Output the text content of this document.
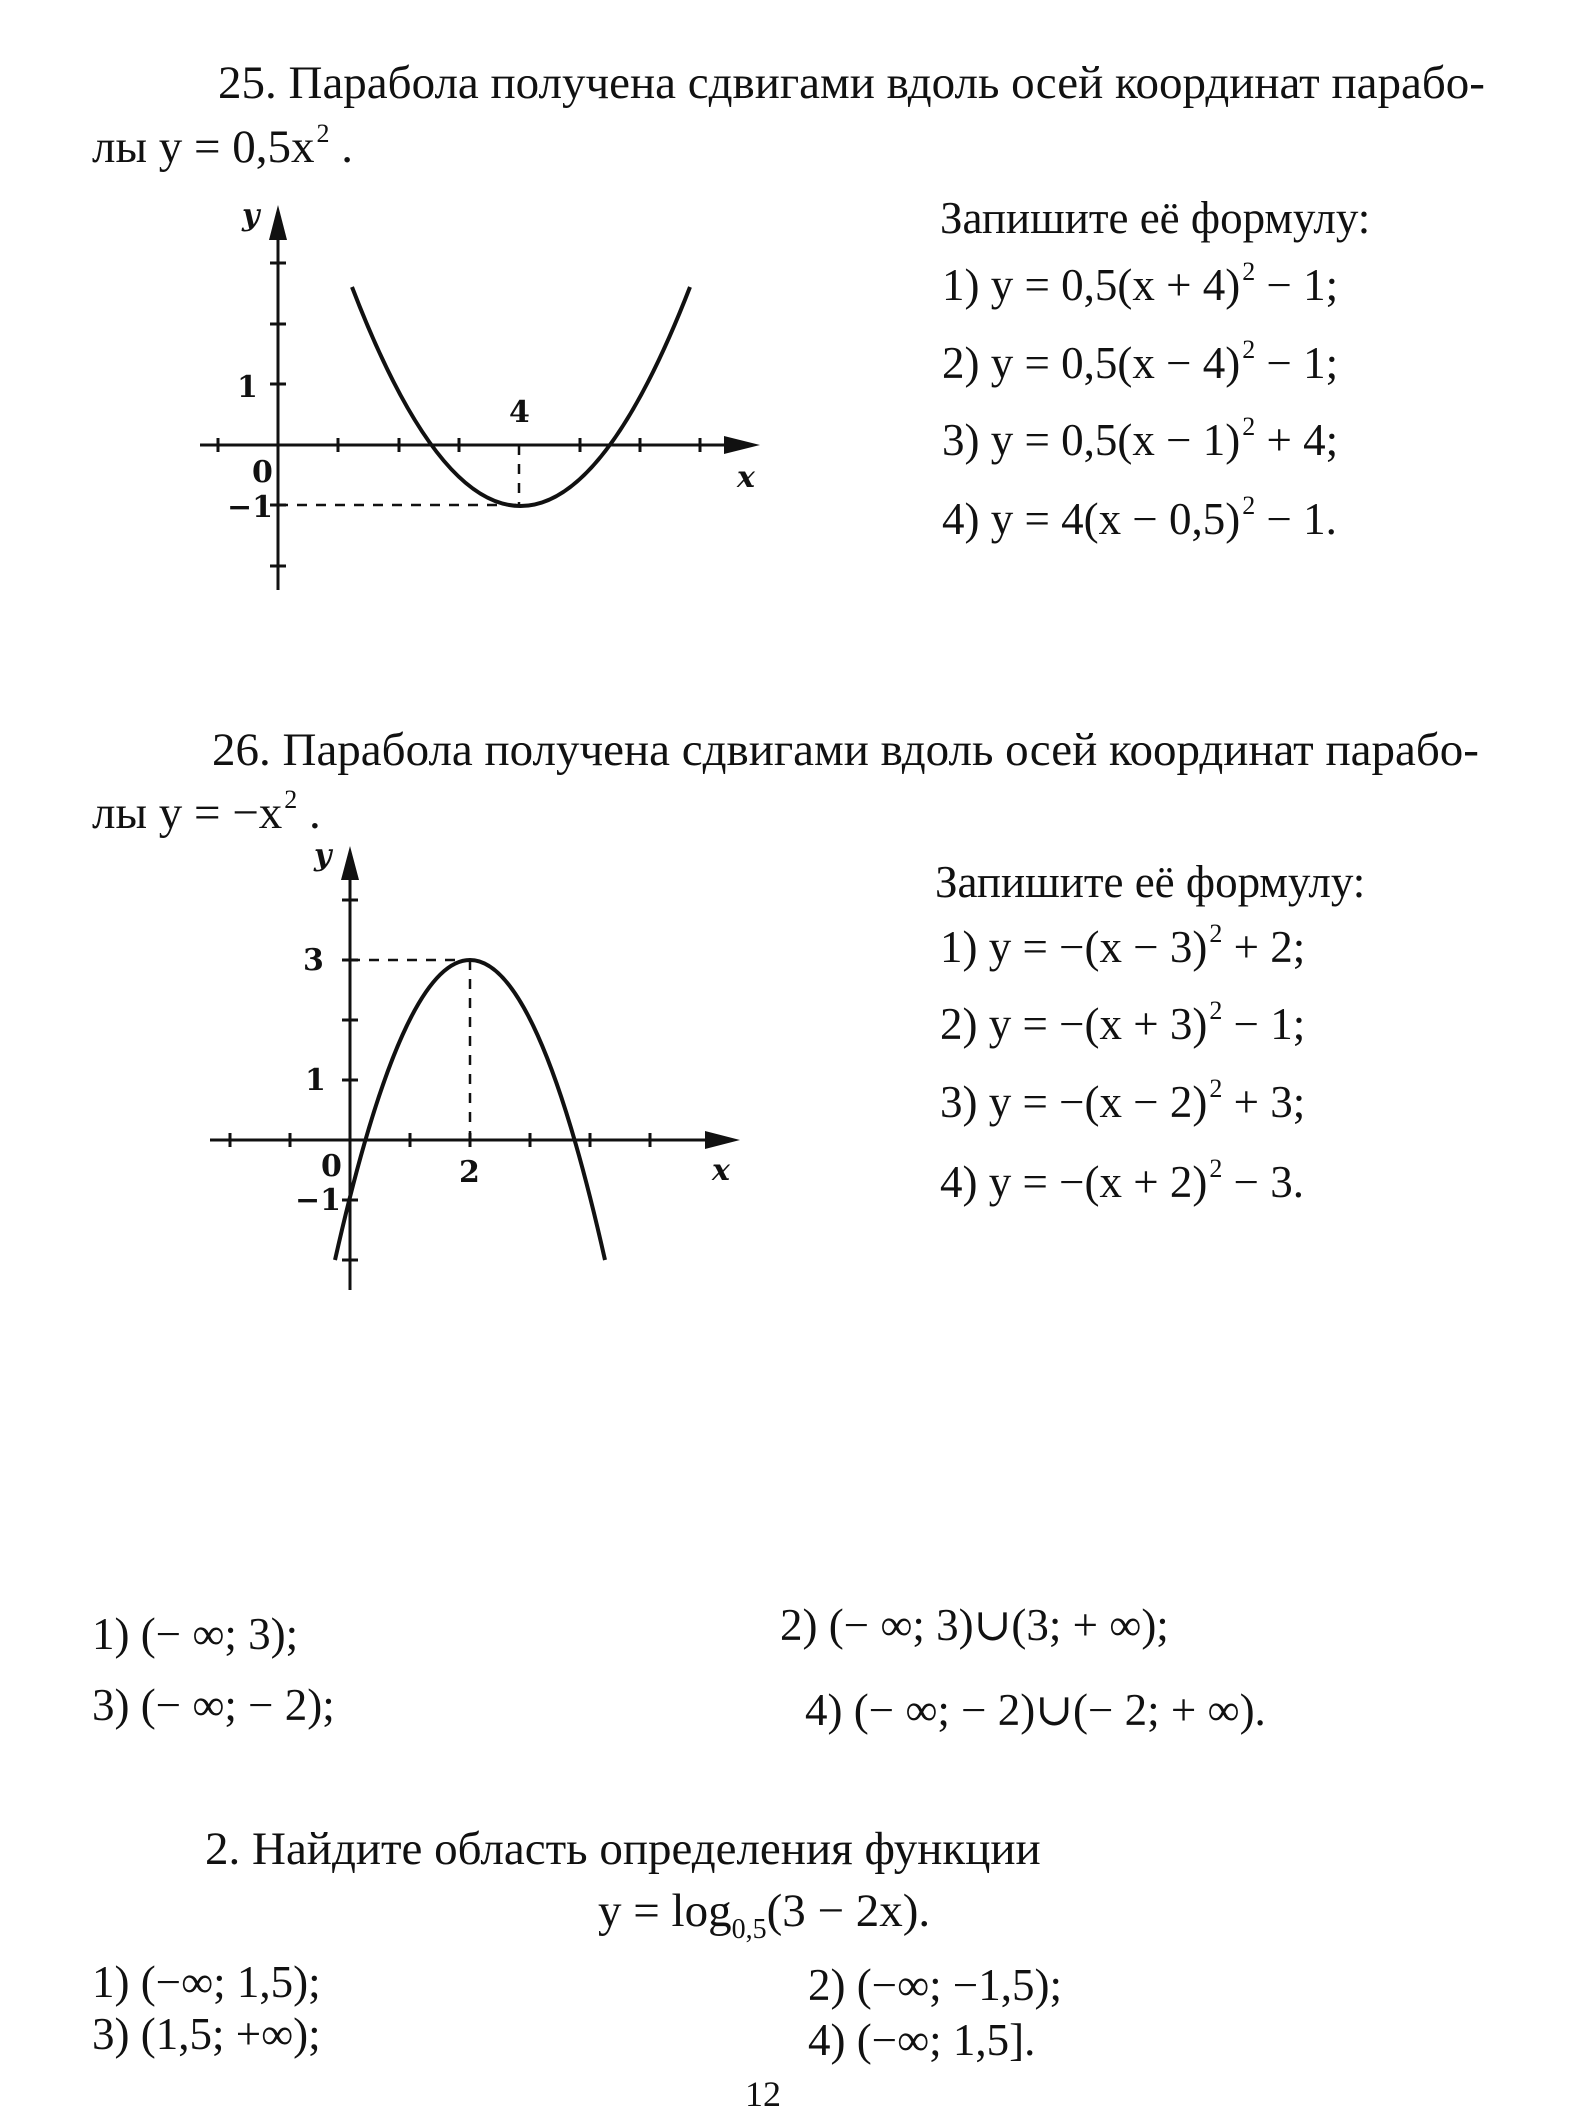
25. Парабола получена сдвигами вдоль осей координат парабо-
лы $y = 0,5x^2$ .
y
x
0
1
−1
4
Запишите её формулу:
1) $y = 0,5(x + 4)^2 - 1$;
2) $y = 0,5(x - 4)^2 - 1$;
3) $y = 0,5(x - 1)^2 + 4$;
4) $y = 4(x - 0,5)^2 - 1$.
26. Парабола получена сдвигами вдоль осей координат парабо-
лы $y = -x^2$ .
y
x
0
3
1
−1
2
Запишите её формулу:
1) $y = -(x - 3)^2 + 2$;
2) $y = -(x + 3)^2 - 1$;
3) $y = -(x - 2)^2 + 3$;
4) $y = -(x + 2)^2 - 3$.
1) (− ∞; 3);	2) (− ∞; 3)∪(3; + ∞);
3) (− ∞; − 2);	4) (− ∞; − 2)∪(− 2; + ∞).
2. Найдите область определения функции
$y = \log_{0,5}(3 - 2x)$.
1) (−∞; 1,5);	2) (−∞; −1,5);
3) (1,5; +∞);	4) (−∞; 1,5].
12
